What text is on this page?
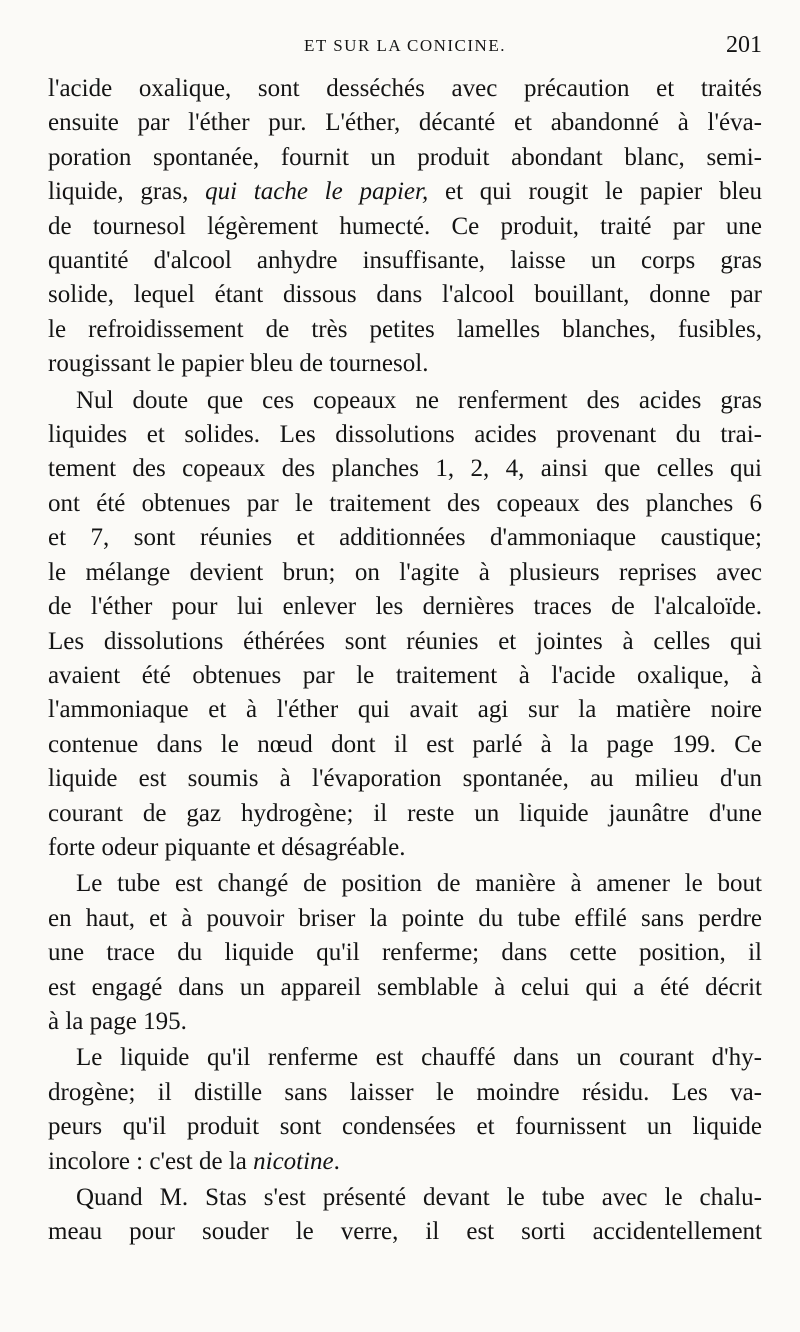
ET SUR LA CONICINE.	201

l'acide oxalique, sont desséchés avec précaution et traités
ensuite par l'éther pur. L'éther, décanté et abandonné à l'éva-
poration spontanée, fournit un produit abondant blanc, semi-
liquide, gras, qui tache le papier, et qui rougit le papier bleu
de tournesol légèrement humecté. Ce produit, traité par une
quantité d'alcool anhydre insuffisante, laisse un corps gras
solide, lequel étant dissous dans l'alcool bouillant, donne par
le refroidissement de très petites lamelles blanches, fusibles,
rougissant le papier bleu de tournesol.

Nul doute que ces copeaux ne renferment des acides gras
liquides et solides. Les dissolutions acides provenant du trai-
tement des copeaux des planches 1, 2, 4, ainsi que celles qui
ont été obtenues par le traitement des copeaux des planches 6
et 7, sont réunies et additionnées d'ammoniaque caustique;
le mélange devient brun; on l'agite à plusieurs reprises avec
de l'éther pour lui enlever les dernières traces de l'alcaloïde.
Les dissolutions éthérées sont réunies et jointes à celles qui
avaient été obtenues par le traitement à l'acide oxalique, à
l'ammoniaque et à l'éther qui avait agi sur la matière noire
contenue dans le nœud dont il est parlé à la page 199. Ce
liquide est soumis à l'évaporation spontanée, au milieu d'un
courant de gaz hydrogène; il reste un liquide jaunâtre d'une
forte odeur piquante et désagréable.

Le tube est changé de position de manière à amener le bout
en haut, et à pouvoir briser la pointe du tube effilé sans perdre
une trace du liquide qu'il renferme; dans cette position, il
est engagé dans un appareil semblable à celui qui a été décrit
à la page 195.

Le liquide qu'il renferme est chauffé dans un courant d'hy-
drogène; il distille sans laisser le moindre résidu. Les va-
peurs qu'il produit sont condensées et fournissent un liquide
incolore : c'est de la nicotine.

Quand M. Stas s'est présenté devant le tube avec le chalu-
meau pour souder le verre, il est sorti accidentellement
